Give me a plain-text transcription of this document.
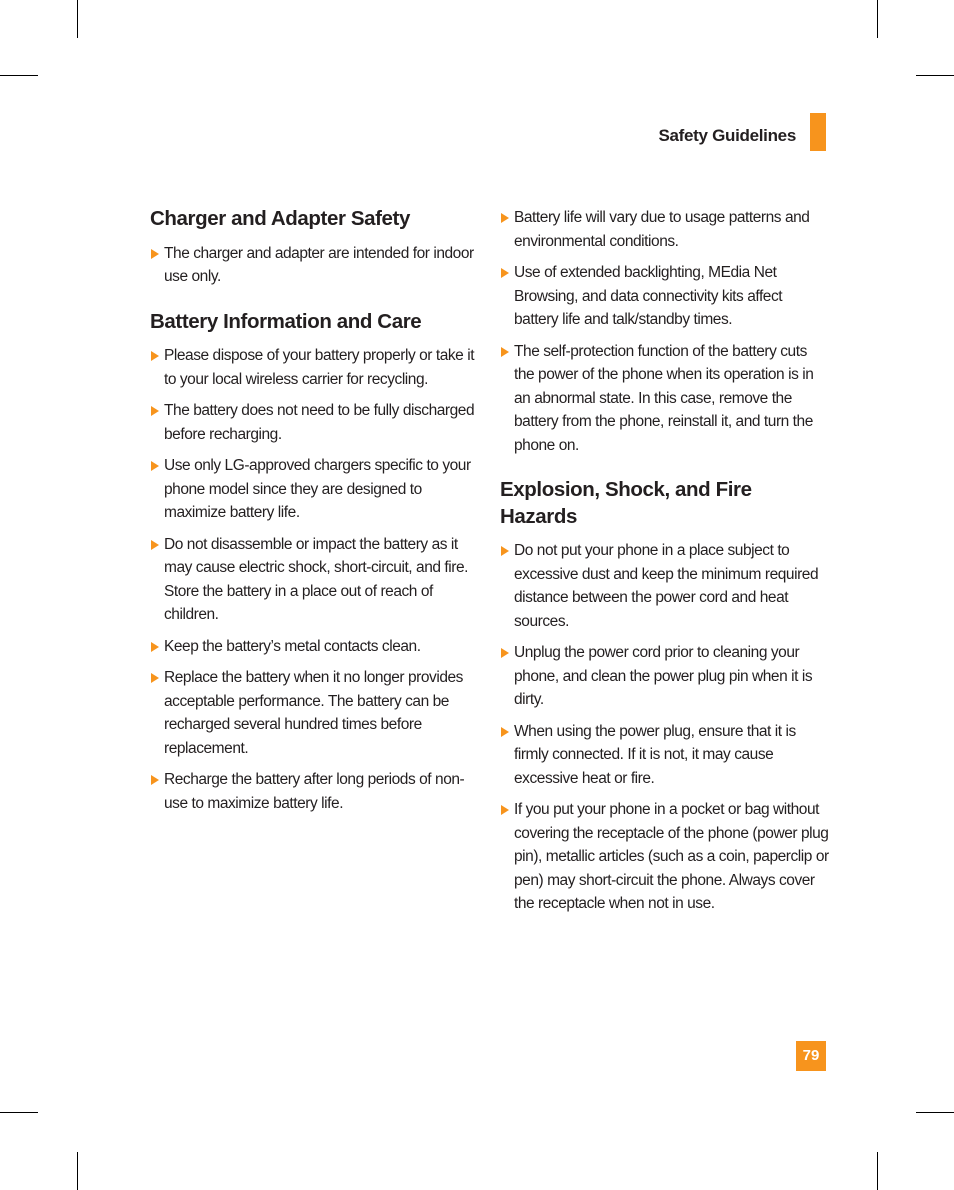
Safety Guidelines
Charger and Adapter Safety
The charger and adapter are intended for indoor use only.
Battery Information and Care
Please dispose of your battery properly or take it to your local wireless carrier for recycling.
The battery does not need to be fully discharged before recharging.
Use only LG-approved chargers specific to your phone model since they are designed to maximize battery life.
Do not disassemble or impact the battery as it may cause electric shock, short-circuit, and fire. Store the battery in a place out of reach of children.
Keep the battery’s metal contacts clean.
Replace the battery when it no longer provides acceptable performance. The battery can be recharged several hundred times before replacement.
Recharge the battery after long periods of non-use to maximize battery life.
Battery life will vary due to usage patterns and environmental conditions.
Use of extended backlighting, MEdia Net Browsing, and data connectivity kits affect battery life and talk/standby times.
The self-protection function of the battery cuts the power of the phone when its operation is in an abnormal state. In this case, remove the battery from the phone, reinstall it, and turn the phone on.
Explosion, Shock, and Fire Hazards
Do not put your phone in a place subject to excessive dust and keep the minimum required distance between the power cord and heat sources.
Unplug the power cord prior to cleaning your phone, and clean the power plug pin when it is dirty.
When using the power plug, ensure that it is firmly connected. If it is not, it may cause excessive heat or fire.
If you put your phone in a pocket or bag without covering the receptacle of the phone (power plug pin), metallic articles (such as a coin, paperclip or pen) may short-circuit the phone. Always cover the receptacle when not in use.
79
